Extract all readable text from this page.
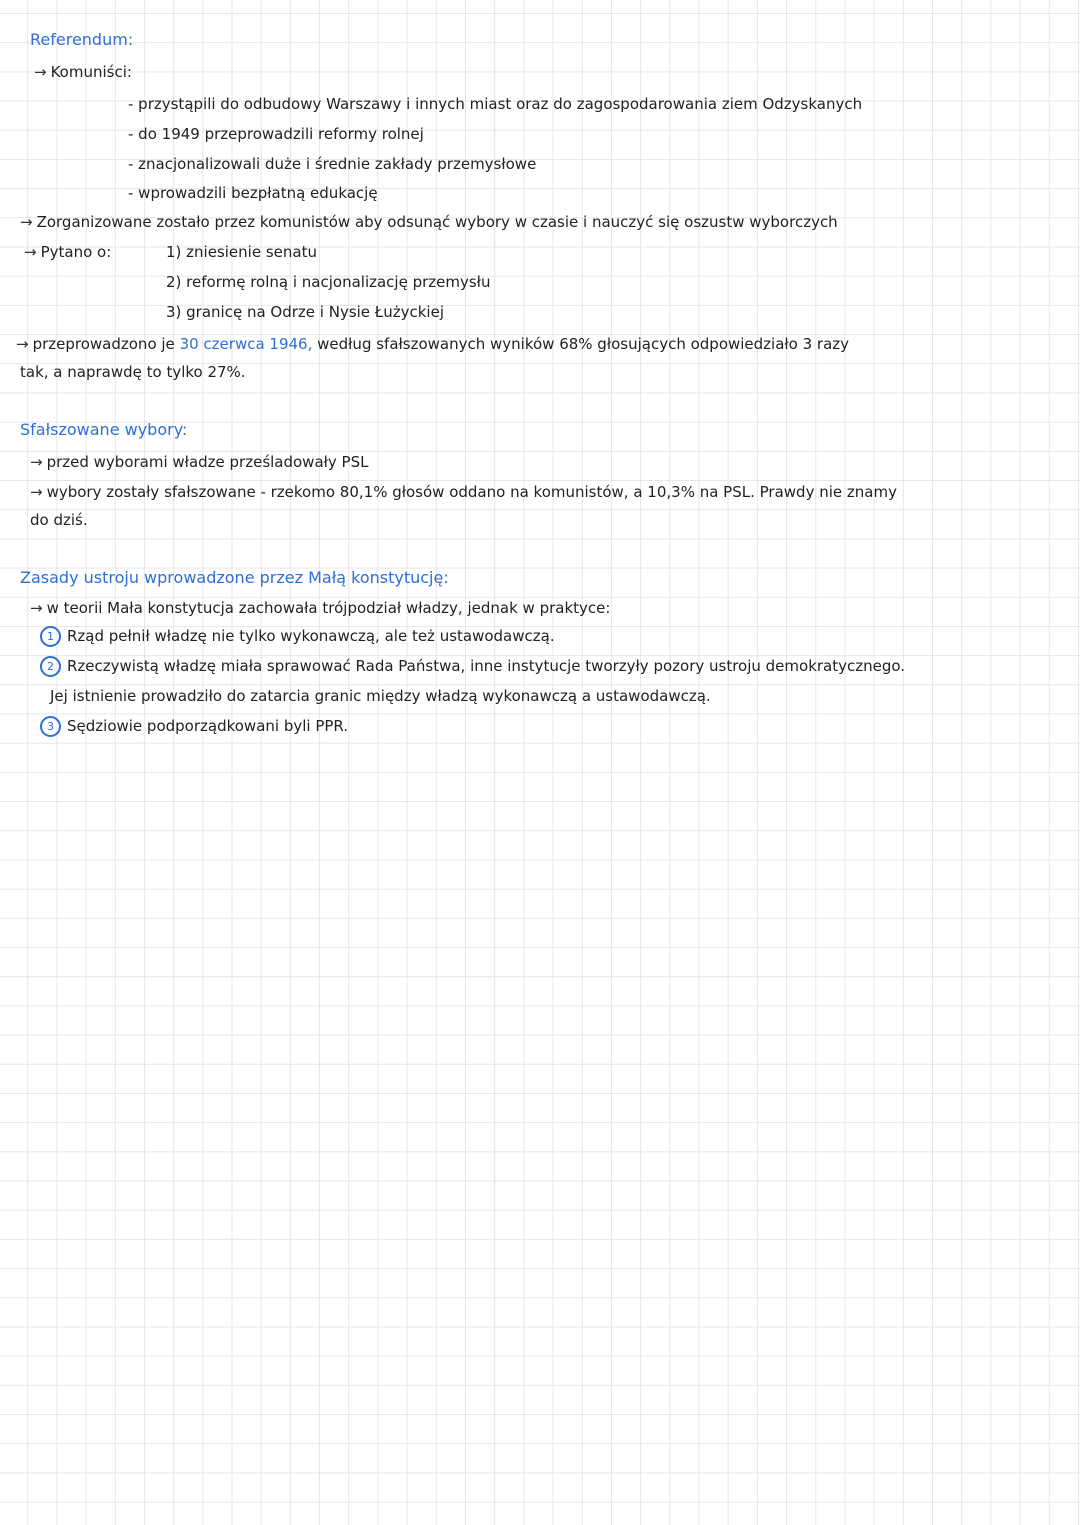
Referendum:
→ Komuniści:
- przystąpili do odbudowy Warszawy i innych miast oraz do zagospodarowania ziem Odzyskanych
- do 1949 przeprowadzili reformy rolnej
- znacjonalizowali duże i średnie zakłady przemysłowe
- wprowadzili bezpłatną edukację
→ Zorganizowane zostało przez komunistów aby odsunąć wybory w czasie i nauczyć się oszustw wyborczych
→ Pytano o:	1) zniesienie senatu
2) reformę rolną i nacjonalizację przemysłu
3) granicę na Odrze i Nysie Łużyckiej
→ przeprowadzono je 30 czerwca 1946, według sfałszowanych wyników 68% głosujących odpowiedziało 3 razy
tak, a naprawdę to tylko 27%.
Sfałszowane wybory:
→ przed wyborami władze prześladowały PSL
→ wybory zostały sfałszowane - rzekomo 80,1% głosów oddano na komunistów, a 10,3% na PSL. Prawdy nie znamy
do dziś.
Zasady ustroju wprowadzone przez Małą konstytucję:
→ w teorii Mała konstytucja zachowała trójpodział władzy, jednak w praktyce:
1 Rząd pełnił władzę nie tylko wykonawczą, ale też ustawodawczą.
2 Rzeczywistą władzę miała sprawować Rada Państwa, inne instytucje tworzyły pozory ustroju demokratycznego.
Jej istnienie prowadziło do zatarcia granic między władzą wykonawczą a ustawodawczą.
3 Sędziowie podporządkowani byli PPR.
